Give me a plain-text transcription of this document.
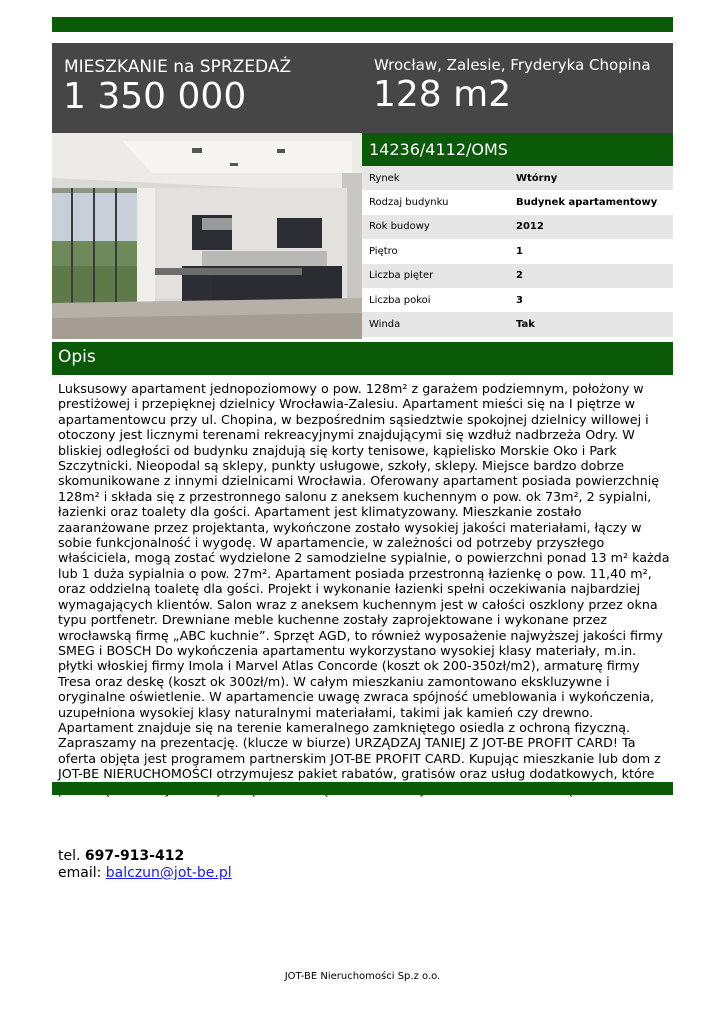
MIESZKANIE na SPRZEDAŻ
1 350 000
Wrocław, Zalesie, Fryderyka Chopina
128 m2
14236/4112/OMS
Rynek	Wtórny
Rodzaj budynku	Budynek apartamentowy
Rok budowy	2012
Piętro	1
Liczba pięter	2
Liczba pokoi	3
Winda	Tak
Opis
Luksusowy apartament jednopoziomowy o pow. 128m² z garażem podziemnym, położony w prestiżowej i przepięknej dzielnicy Wrocławia-Zalesiu. Apartament mieści się na I piętrze w apartamentowcu przy ul. Chopina, w bezpośrednim sąsiedztwie spokojnej dzielnicy willowej i otoczony jest licznymi terenami rekreacyjnymi znajdującymi się wzdłuż nadbrzeża Odry. W bliskiej odległości od budynku znajdują się korty tenisowe, kąpielisko Morskie Oko i Park Szczytnicki. Nieopodal są sklepy, punkty usługowe, szkoły, sklepy. Miejsce bardzo dobrze skomunikowane z innymi dzielnicami Wrocławia. Oferowany apartament posiada powierzchnię 128m² i składa się z przestronnego salonu z aneksem kuchennym o pow. ok 73m², 2 sypialni, łazienki oraz toalety dla gości. Apartament jest klimatyzowany. Mieszkanie zostało zaaranżowane przez projektanta, wykończone zostało wysokiej jakości materiałami, łączy w sobie funkcjonalność i wygodę. W apartamencie, w zależności od potrzeby przyszłego właściciela, mogą zostać wydzielone 2 samodzielne sypialnie, o powierzchni ponad 13 m² każda lub 1 duża sypialnia o pow. 27m². Apartament posiada przestronną łazienkę o pow. 11,40 m², oraz oddzielną toaletę dla gości. Projekt i wykonanie łazienki spełni oczekiwania najbardziej wymagających klientów. Salon wraz z aneksem kuchennym jest w całości oszklony przez okna typu portfenetr. Drewniane meble kuchenne zostały zaprojektowane i wykonane przez wrocławską firmę „ABC kuchnie”. Sprzęt AGD, to również wyposażenie najwyższej jakości firmy SMEG i BOSCH Do wykończenia apartamentu wykorzystano wysokiej klasy materiały, m.in. płytki włoskiej firmy Imola i Marvel Atlas Concorde (koszt ok 200-350zł/m2), armaturę firmy Tresa oraz deskę (koszt ok 300zł/m). W całym mieszkaniu zamontowano ekskluzywne i oryginalne oświetlenie. W apartamencie uwagę zwraca spójność umeblowania i wykończenia, uzupełniona wysokiej klasy naturalnymi materiałami, takimi jak kamień czy drewno. Apartament znajduje się na terenie kameralnego zamkniętego osiedla z ochroną fizyczną. Zapraszamy na prezentację. (klucze w biurze) URZĄDZAJ TANIEJ Z JOT-BE PROFIT CARD! Ta oferta objęta jest programem partnerskim JOT-BE PROFIT CARD. Kupując mieszkanie lub dom z JOT-BE NIERUCHOMOŚCI otrzymujesz pakiet rabatów, gratisów oraz usług dodatkowych, które
tel. 697-913-412
email: balczun@jot-be.pl
JOT-BE Nieruchomości Sp.z o.o.
